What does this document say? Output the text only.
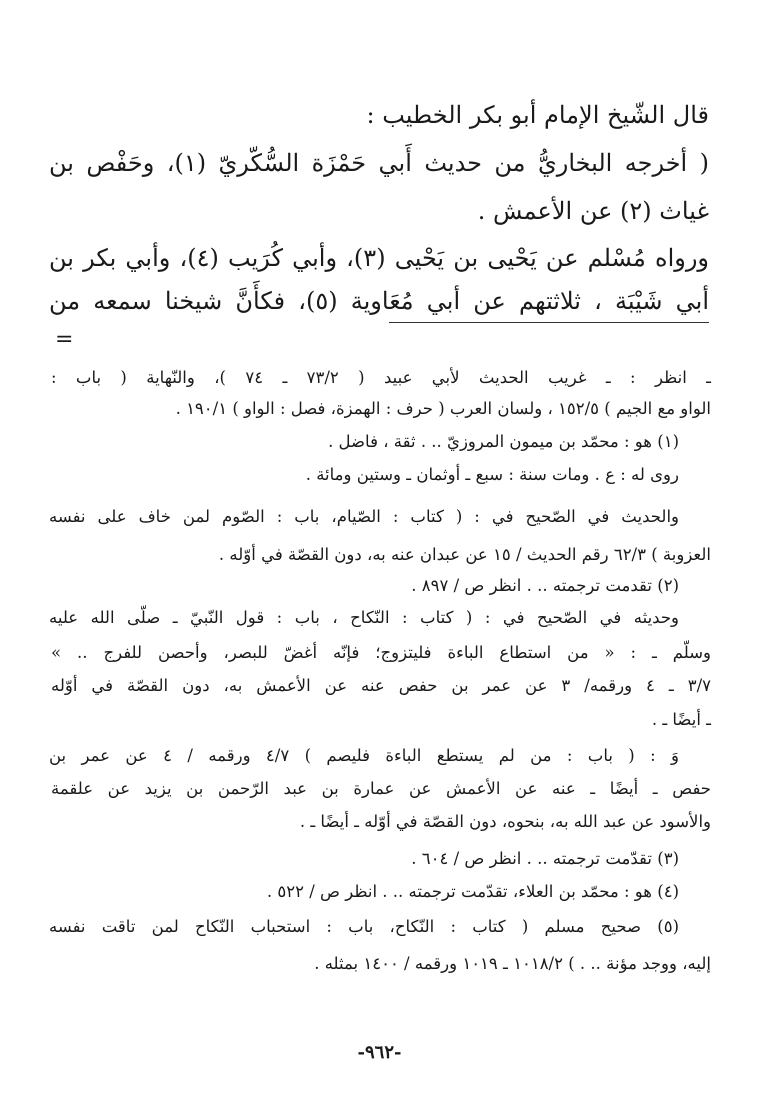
قال الشّيخ الإمام أبو بكر الخطيب :
( أخرجه البخاريُّ من حديث أَبي حَمْزَة السُّكّريّ (١)، وحَفْص بن
غياث (٢) عن الأعمش .
ورواه مُسْلم عن يَحْيى بن يَحْيى (٣)، وأبي كُرَيب (٤)، وأبي بكر بن
أبي شَيْبَة ، ثلاثتهم عن أبي مُعَاوية (٥)، فكأَنَّ شيخنا سمعه من
=
ـ انظر : ـ غريب الحديث لأبي عبيد ( ٧٣/٢ ـ ٧٤ )، والنّهاية ( باب :
الواو مع الجيم ) ١٥٢/٥ ، ولسان العرب ( حرف : الهمزة، فصل : الواو ) ١٩٠/١ .
(١) هو : محمّد بن ميمون المروزيّ .. . ثقة ، فاضل .
روى له : ع . ومات سنة : سبع ـ أوثمان ـ وستين ومائة .
والحديث في الصّحيح في : ( كتاب : الصّيام، باب : الصّوم لمن خاف على نفسه
العزوبة ) ٦٢/٣ رقم الحديث / ١٥ عن عبدان عنه به، دون القصّة في أوّله .
(٢) تقدمت ترجمته .. . انظر ص / ٨٩٧ .
وحديثه في الصّحيح في : ( كتاب : النّكاح ، باب : قول النّبيّ ـ صلّى الله عليه
وسلّم ـ : « من استطاع الباءة فليتزوج؛ فإنّه أغضّ للبصر، وأحصن للفرج .. »
٣/٧ ـ ٤ ورقمه/ ٣ عن عمر بن حفص عنه عن الأعمش به، دون القصّة في أوّله
ـ أيضًا ـ .
وَ : ( باب : من لم يستطع الباءة فليصم ) ٤/٧ ورقمه / ٤ عن عمر بن
حفص ـ أيضًا ـ عنه عن الأعمش عن عمارة بن عبد الرّحمن بن يزيد عن علقمة
والأسود عن عبد الله به، بنحوه، دون القصّة في أوّله ـ أيضًا ـ .
(٣) تقدّمت ترجمته .. . انظر ص / ٦٠٤ .
(٤) هو : محمّد بن العلاء، تقدّمت ترجمته .. . انظر ص / ٥٢٢ .
(٥) صحيح مسلم ( كتاب : النّكاح، باب : استحباب النّكاح لمن تاقت نفسه
إليه، ووجد مؤنة .. . ) ١٠١٨/٢ ـ ١٠١٩ ورقمه / ١٤٠٠ بمثله .
-٩٦٢-
